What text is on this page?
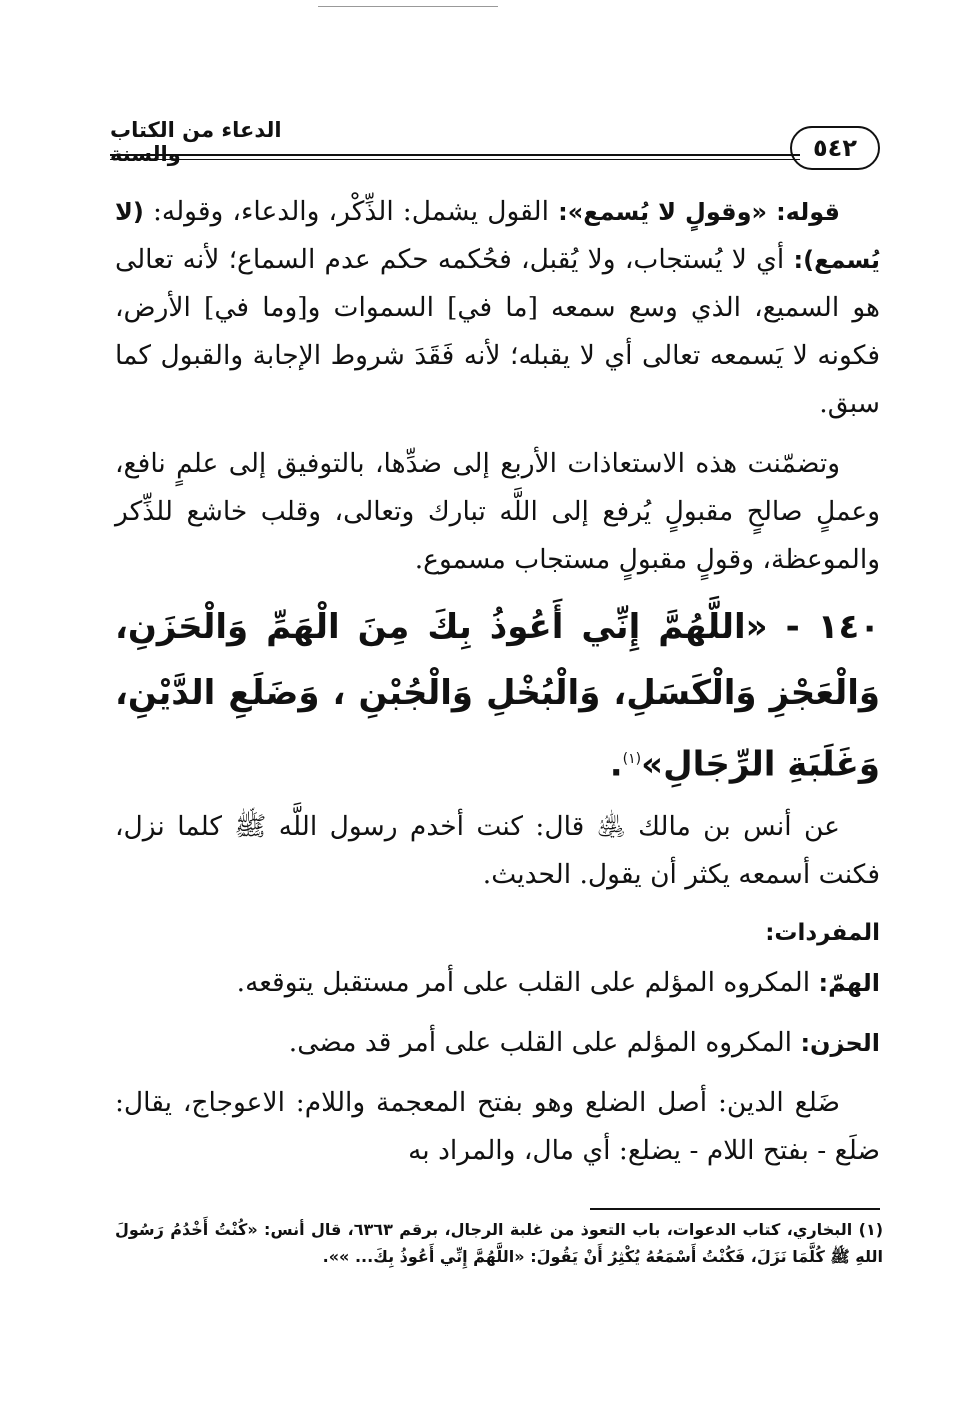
الدعاء من الكتاب والسنة	٥٤٢

قوله: «وقولٍ لا يُسمع»: القول يشمل: الذِّكْر، والدعاء، وقوله: (لا يُسمع): أي لا يُستجاب، ولا يُقبل، فحُكمه حكم عدم السماع؛ لأنه تعالى هو السميع، الذي وسع سمعه [ما في] السموات و[وما في] الأرض، فكونه لا يَسمعه تعالى أي لا يقبله؛ لأنه فَقَدَ شروط الإجابة والقبول كما سبق.

وتضمّنت هذه الاستعاذات الأربع إلى ضدِّها، بالتوفيق إلى علمٍ نافع، وعملٍ صالحٍ مقبولٍ يُرفع إلى اللَّه تبارك وتعالى، وقلب خاشع للذِّكر والموعظة، وقولٍ مقبولٍ مستجاب مسموع.

١٤٠ - «اللَّهُمَّ إِنِّي أَعُوذُ بِكَ مِنَ الْهَمِّ وَالْحَزَنِ، وَالْعَجْزِ وَالْكَسَلِ، وَالْبُخْلِ وَالْجُبْنِ ، وَضَلَعِ الدَّيْنِ، وَغَلَبَةِ الرِّجَالِ»$^{(١)}$.

عن أنس بن مالك ﵁ قال: كنت أخدم رسول اللَّه ﷺ كلما نزل، فكنت أسمعه يكثر أن يقول. الحديث.

المفردات:

الهمّ: المكروه المؤلم على القلب على أمر مستقبل يتوقعه.

الحزن: المكروه المؤلم على القلب على أمر قد مضى.

ضَلع الدين: أصل الضلع وهو بفتح المعجمة واللام: الاعوجاج، يقال: ضلَع - بفتح اللام - يضلع: أي مال، والمراد به

(١) البخاري، كتاب الدعوات، باب التعوذ من غلبة الرجال، برقم ٦٣٦٣، قال أنس: «كُنْتُ أَخْدُمُ رَسُولَ اللهِ ﷺ كُلَّمَا نَزَلَ، فَكُنْتُ أَسْمَعُهُ يُكْثِرُ أَنْ يَقُولَ: «اللَّهُمَّ إِنِّي أَعُوذُ بِكَ... »».
